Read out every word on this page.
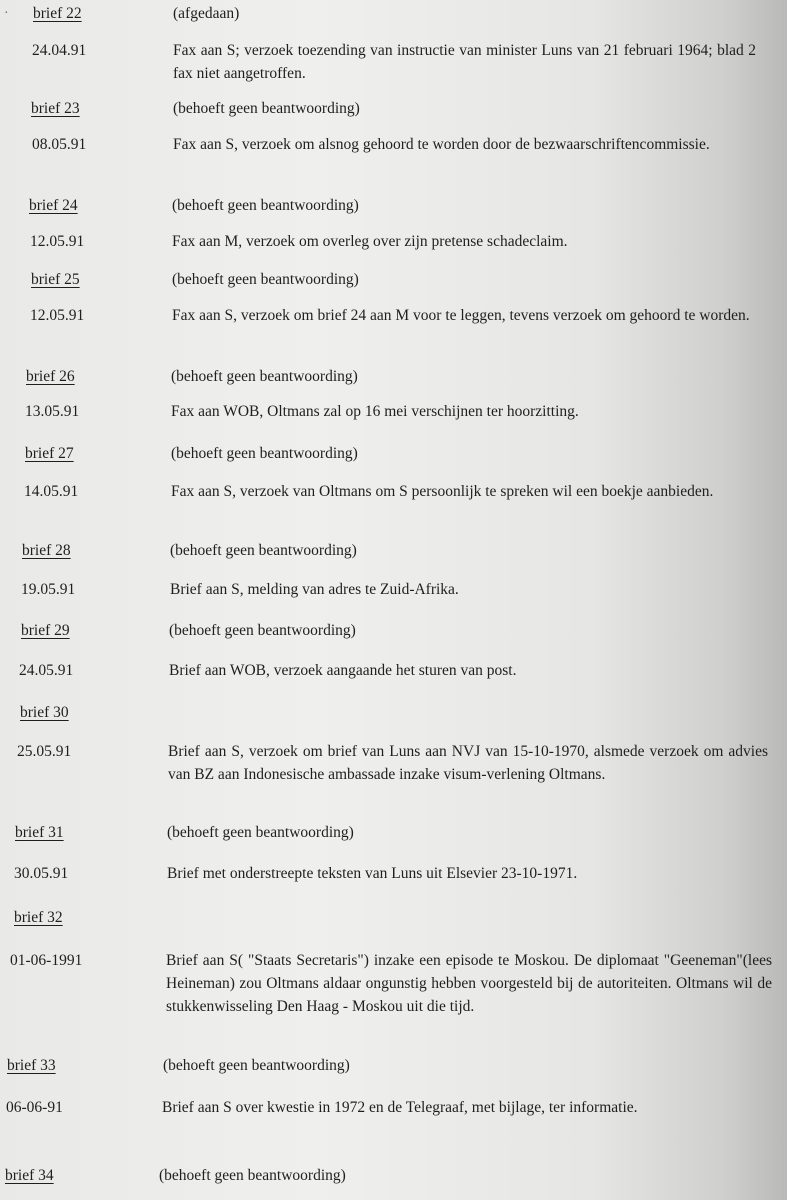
· brief 22	(afgedaan)
24.04.91	Fax aan S; verzoek toezending van instructie van minister Luns van 21 februari 1964; blad 2 fax niet aangetroffen.
brief 23	(behoeft geen beantwoording)
08.05.91	Fax aan S, verzoek om alsnog gehoord te worden door de bezwaarschriftencommissie.
brief 24	(behoeft geen beantwoording)
12.05.91	Fax aan M, verzoek om overleg over zijn pretense schadeclaim.
brief 25	(behoeft geen beantwoording)
12.05.91	Fax aan S, verzoek om brief 24 aan M voor te leggen, tevens verzoek om gehoord te worden.
brief 26	(behoeft geen beantwoording)
13.05.91	Fax aan WOB, Oltmans zal op 16 mei verschijnen ter hoorzitting.
brief 27	(behoeft geen beantwoording)
14.05.91	Fax aan S, verzoek van Oltmans om S persoonlijk te spreken wil een boekje aanbieden.
brief 28	(behoeft geen beantwoording)
19.05.91	Brief aan S, melding van adres te Zuid-Afrika.
brief 29	(behoeft geen beantwoording)
24.05.91	Brief aan WOB, verzoek aangaande het sturen van post.
brief 30
25.05.91	Brief aan S, verzoek om brief van Luns aan NVJ van 15-10-1970, alsmede verzoek om advies van BZ aan Indonesische ambassade inzake visum-verlening Oltmans.
brief 31	(behoeft geen beantwoording)
30.05.91	Brief met onderstreepte teksten van Luns uit Elsevier 23-10-1971.
brief 32
01-06-1991	Brief aan S( "Staats Secretaris") inzake een episode te Moskou. De diplomaat "Geeneman"(lees Heineman) zou Oltmans aldaar ongunstig hebben voorgesteld bij de autoriteiten. Oltmans wil de stukkenwisseling Den Haag - Moskou uit die tijd.
brief 33	(behoeft geen beantwoording)
06-06-91	Brief aan S over kwestie in 1972 en de Telegraaf, met bijlage, ter informatie.
brief 34	(behoeft geen beantwoording)
